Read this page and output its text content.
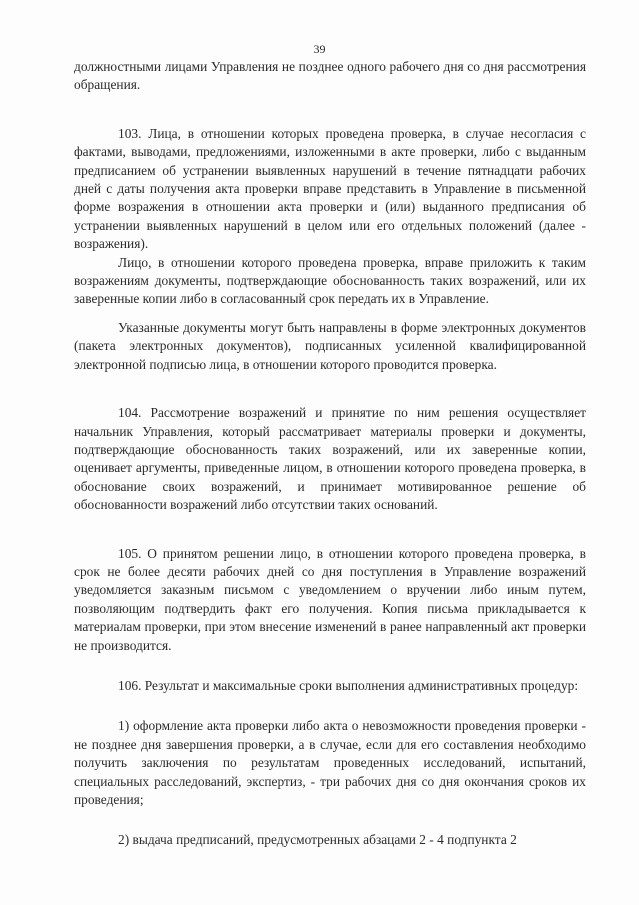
39

должностными лицами Управления не позднее одного рабочего дня со дня рассмотрения обращения.

103. Лица, в отношении которых проведена проверка, в случае несогласия с фактами, выводами, предложениями, изложенными в акте проверки, либо с выданным предписанием об устранении выявленных нарушений в течение пятнадцати рабочих дней с даты получения акта проверки вправе представить в Управление в письменной форме возражения в отношении акта проверки и (или) выданного предписания об устранении выявленных нарушений в целом или его отдельных положений (далее - возражения).

Лицо, в отношении которого проведена проверка, вправе приложить к таким возражениям документы, подтверждающие обоснованность таких возражений, или их заверенные копии либо в согласованный срок передать их в Управление.

Указанные документы могут быть направлены в форме электронных документов (пакета электронных документов), подписанных усиленной квалифицированной электронной подписью лица, в отношении которого проводится проверка.

104. Рассмотрение возражений и принятие по ним решения осуществляет начальник Управления, который рассматривает материалы проверки и документы, подтверждающие обоснованность таких возражений, или их заверенные копии, оценивает аргументы, приведенные лицом, в отношении которого проведена проверка, в обоснование своих возражений, и принимает мотивированное решение об обоснованности возражений либо отсутствии таких оснований.

105. О принятом решении лицо, в отношении которого проведена проверка, в срок не более десяти рабочих дней со дня поступления в Управление возражений уведомляется заказным письмом с уведомлением о вручении либо иным путем, позволяющим подтвердить факт его получения. Копия письма прикладывается к материалам проверки, при этом внесение изменений в ранее направленный акт проверки не производится.

106. Результат и максимальные сроки выполнения административных процедур:

1) оформление акта проверки либо акта о невозможности проведения проверки - не позднее дня завершения проверки, а в случае, если для его составления необходимо получить заключения по результатам проведенных исследований, испытаний, специальных расследований, экспертиз, - три рабочих дня со дня окончания сроков их проведения;

2) выдача предписаний, предусмотренных абзацами 2 - 4 подпункта 2
